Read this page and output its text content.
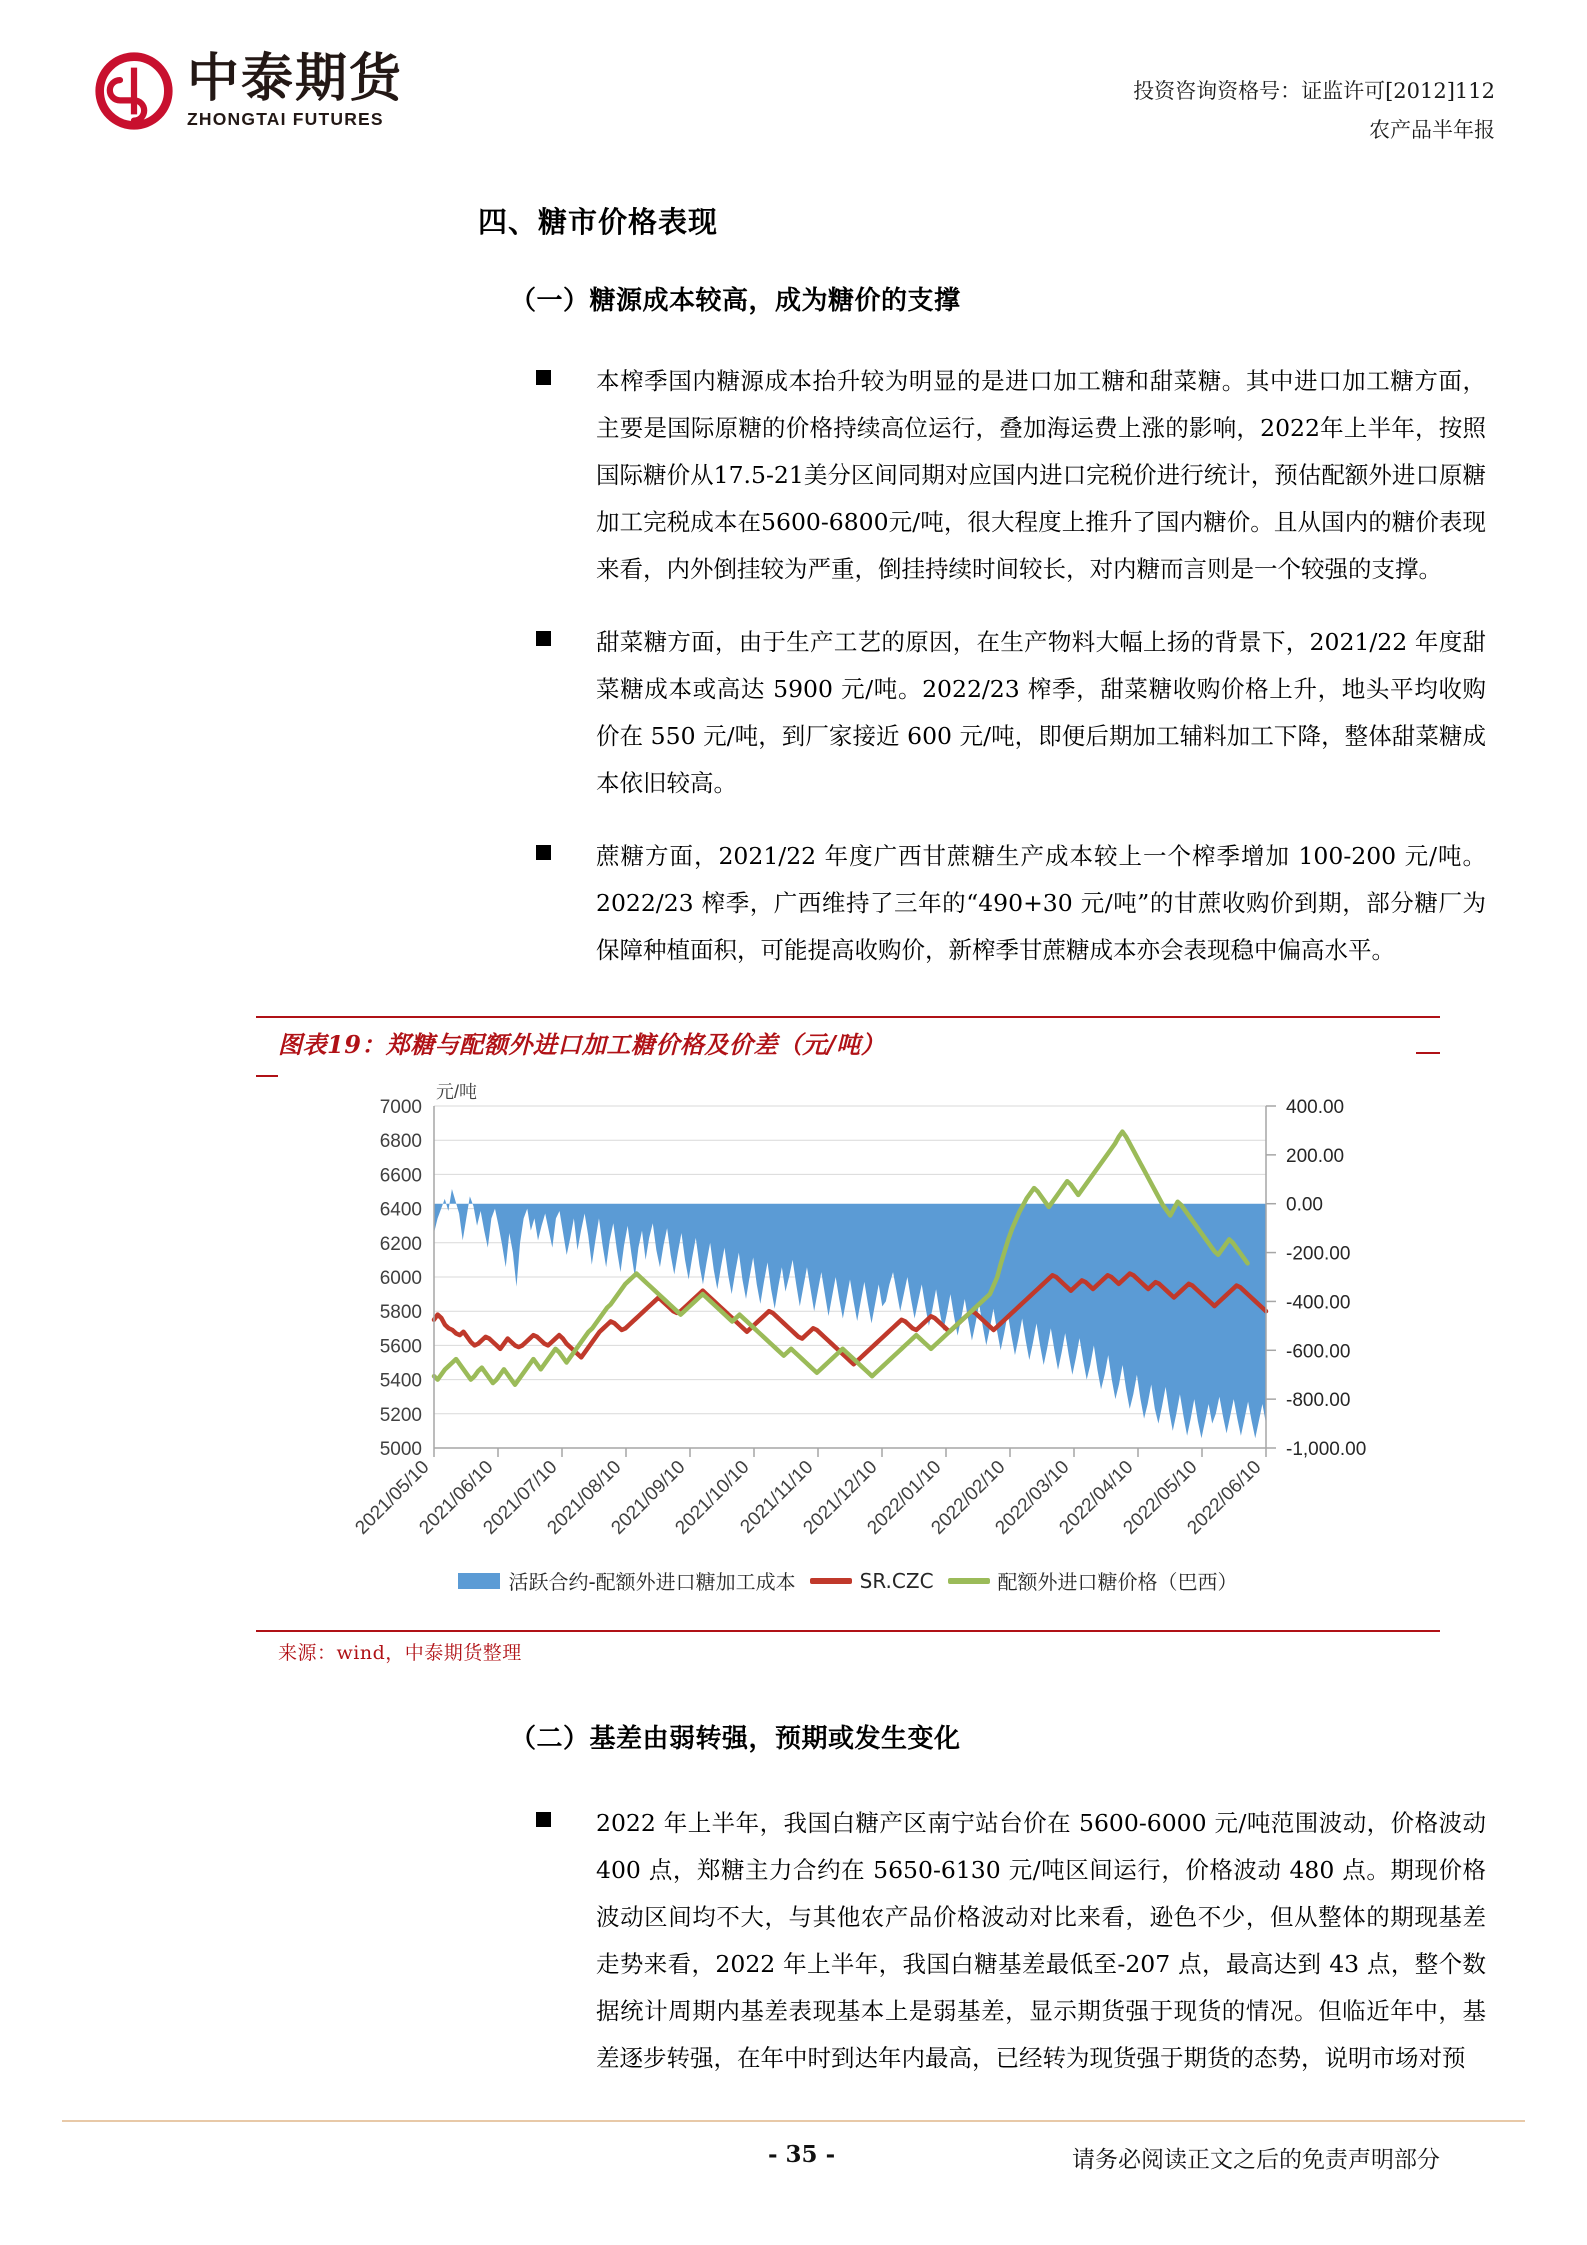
中泰期货
ZHONGTAI FUTURES
投资咨询资格号：证监许可[2012]112
农产品半年报
四、糖市价格表现
（一）糖源成本较高，成为糖价的支撑
本榨季国内糖源成本抬升较为明显的是进口加工糖和甜菜糖。其中进口加工糖方面，主要是国际原糖的价格持续高位运行，叠加海运费上涨的影响，2022年上半年，按照国际糖价从17.5-21美分区间同期对应国内进口完税价进行统计，预估配额外进口原糖加工完税成本在5600-6800元/吨，很大程度上推升了国内糖价。且从国内的糖价表现来看，内外倒挂较为严重，倒挂持续时间较长，对内糖而言则是一个较强的支撑。
甜菜糖方面，由于生产工艺的原因，在生产物料大幅上扬的背景下，2021/22 年度甜菜糖成本或高达 5900 元/吨。2022/23 榨季，甜菜糖收购价格上升，地头平均收购价在 550 元/吨，到厂家接近 600 元/吨，即便后期加工辅料加工下降，整体甜菜糖成本依旧较高。
蔗糖方面，2021/22 年度广西甘蔗糖生产成本较上一个榨季增加 100-200 元/吨。2022/23 榨季，广西维持了三年的“490+30 元/吨”的甘蔗收购价到期，部分糖厂为保障种植面积，可能提高收购价，新榨季甘蔗糖成本亦会表现稳中偏高水平。
图表19：郑糖与配额外进口加工糖价格及价差（元/吨）
元/吨
5000
5200
5400
5600
5800
6000
6200
6400
6600
6800
7000	400.00
200.00
0.00
-200.00
-400.00
-600.00
-800.00
-1,000.00
2021/05/10
2021/06/10
2021/07/10
2021/08/10
2021/09/10
2021/10/10
2021/11/10
2021/12/10
2022/01/10
2022/02/10
2022/03/10
2022/04/10
2022/05/10
2022/06/10
活跃合约-配额外进口糖加工成本	SR.CZC	配额外进口糖价格（巴西）
来源：wind，中泰期货整理
（二）基差由弱转强，预期或发生变化
2022 年上半年，我国白糖产区南宁站台价在 5600-6000 元/吨范围波动，价格波动 400 点，郑糖主力合约在 5650-6130 元/吨区间运行，价格波动 480 点。期现价格波动区间均不大，与其他农产品价格波动对比来看，逊色不少，但从整体的期现基差走势来看，2022 年上半年，我国白糖基差最低至-207 点，最高达到 43 点，整个数据统计周期内基差表现基本上是弱基差，显示期货强于现货的情况。但临近年中，基差逐步转强，在年中时到达年内最高，已经转为现货强于期货的态势，说明市场对预
- 35 -	请务必阅读正文之后的免责声明部分
